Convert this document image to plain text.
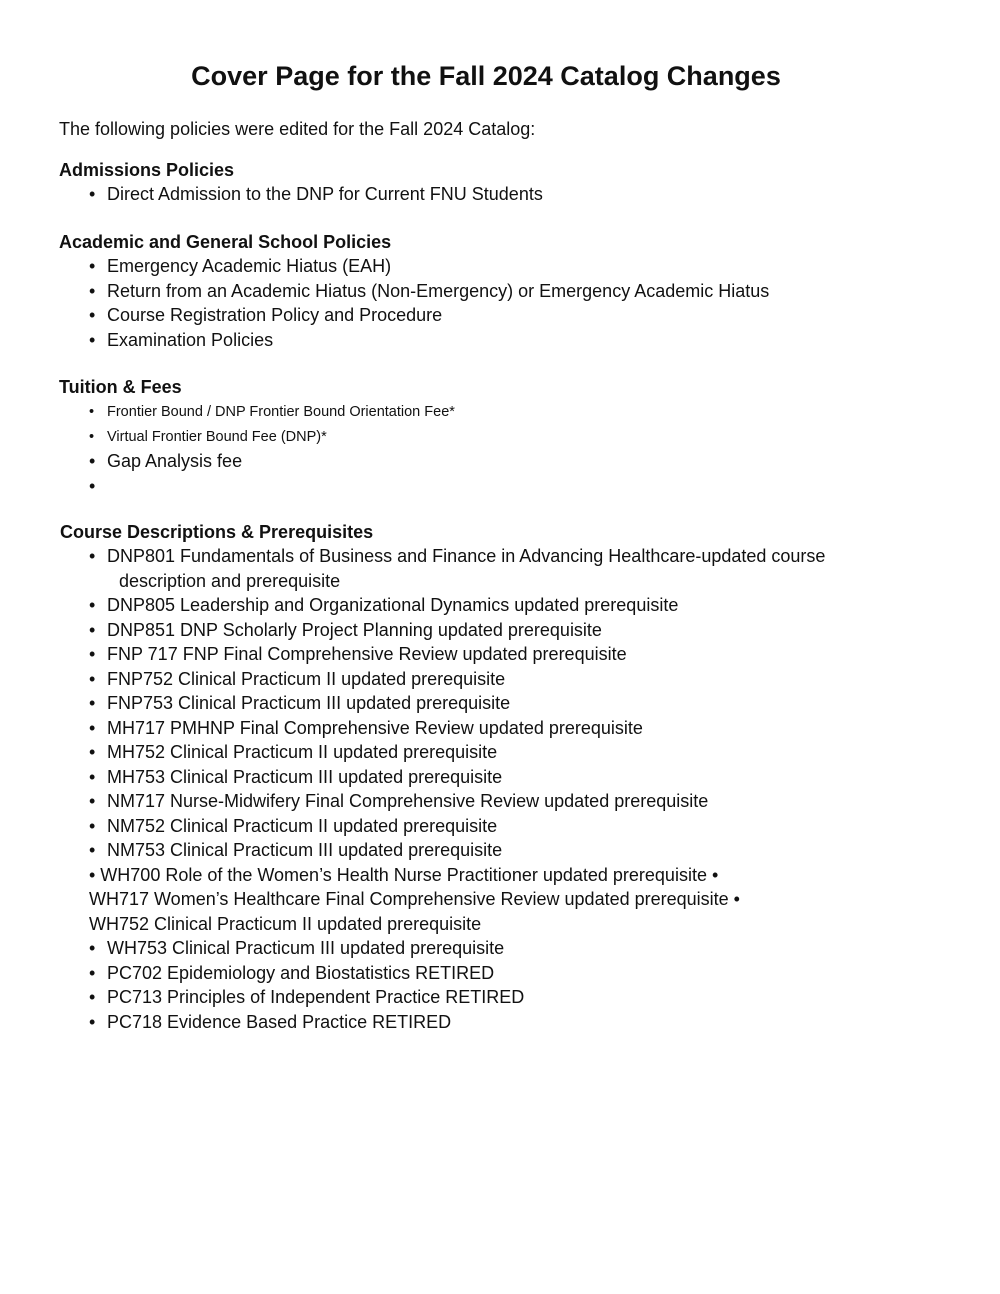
Cover Page for the Fall 2024 Catalog Changes

The following policies were edited for the Fall 2024 Catalog:

Admissions Policies
• Direct Admission to the DNP for Current FNU Students
Academic and General School Policies
• Emergency Academic Hiatus (EAH)
• Return from an Academic Hiatus (Non-Emergency) or Emergency Academic Hiatus
• Course Registration Policy and Procedure
• Examination Policies
Tuition & Fees
• Frontier Bound / DNP Frontier Bound Orientation Fee*
• Virtual Frontier Bound Fee (DNP)*
• Gap Analysis fee
•
Course Descriptions & Prerequisites
• DNP801 Fundamentals of Business and Finance in Advancing Healthcare-updated course
description and prerequisite
• DNP805 Leadership and Organizational Dynamics updated prerequisite
• DNP851 DNP Scholarly Project Planning updated prerequisite
• FNP 717 FNP Final Comprehensive Review updated prerequisite
• FNP752 Clinical Practicum II updated prerequisite
• FNP753 Clinical Practicum III updated prerequisite
• MH717 PMHNP Final Comprehensive Review updated prerequisite
• MH752 Clinical Practicum II updated prerequisite
• MH753 Clinical Practicum III updated prerequisite
• NM717 Nurse-Midwifery Final Comprehensive Review updated prerequisite
• NM752 Clinical Practicum II updated prerequisite
• NM753 Clinical Practicum III updated prerequisite
• WH700 Role of the Women’s Health Nurse Practitioner updated prerequisite •
WH717 Women’s Healthcare Final Comprehensive Review updated prerequisite •
WH752 Clinical Practicum II updated prerequisite
• WH753 Clinical Practicum III updated prerequisite
• PC702 Epidemiology and Biostatistics RETIRED
• PC713 Principles of Independent Practice RETIRED
• PC718 Evidence Based Practice RETIRED
